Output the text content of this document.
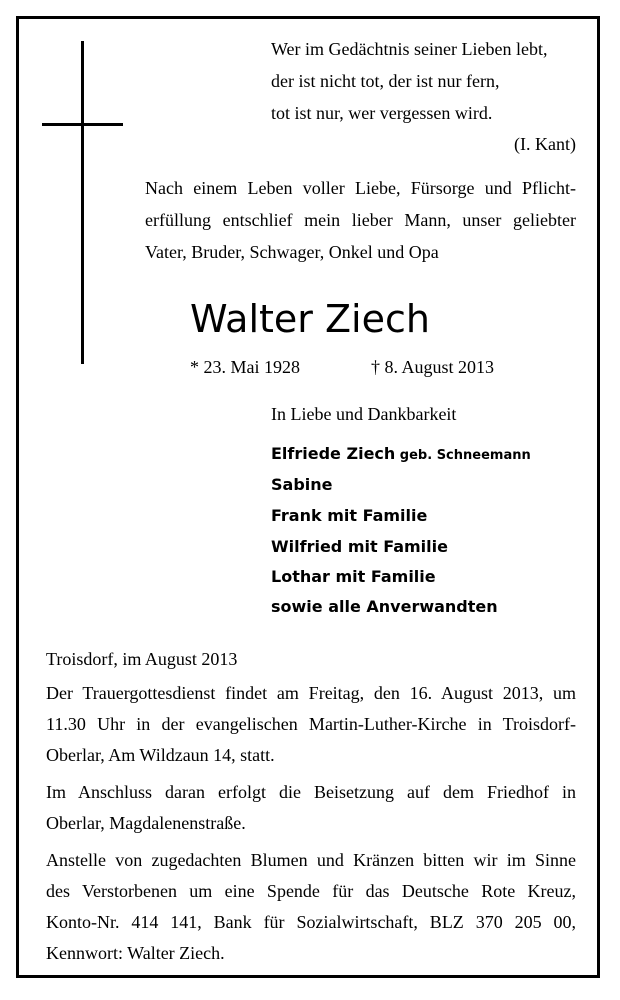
Wer im Gedächtnis seiner Lieben lebt,
der ist nicht tot, der ist nur fern,
tot ist nur, wer vergessen wird.
(I. Kant)
Nach einem Leben voller Liebe, Fürsorge und Pflicht-
erfüllung entschlief mein lieber Mann, unser geliebter
Vater, Bruder, Schwager, Onkel und Opa
Walter Ziech
* 23. Mai 1928	† 8. August 2013
In Liebe und Dankbarkeit
Elfriede Ziech geb. Schneemann
Sabine
Frank mit Familie
Wilfried mit Familie
Lothar mit Familie
sowie alle Anverwandten
Troisdorf, im August 2013
Der Trauergottesdienst findet am Freitag, den 16. August 2013, um
11.30 Uhr in der evangelischen Martin-Luther-Kirche in Troisdorf-
Oberlar, Am Wildzaun 14, statt.
Im Anschluss daran erfolgt die Beisetzung auf dem Friedhof in
Oberlar, Magdalenenstraße.
Anstelle von zugedachten Blumen und Kränzen bitten wir im Sinne
des Verstorbenen um eine Spende für das Deutsche Rote Kreuz,
Konto-Nr. 414 141, Bank für Sozialwirtschaft, BLZ 370 205 00,
Kennwort: Walter Ziech.
